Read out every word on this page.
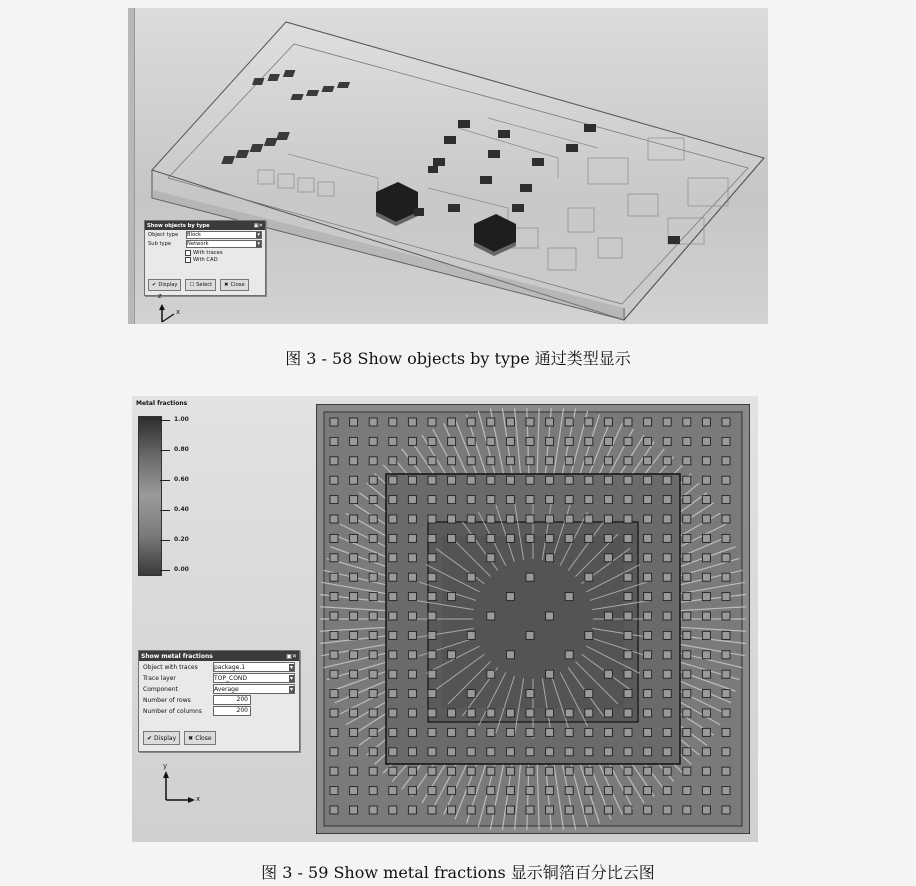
Show objects by type	▣✕
Object type	Block	▾
Sub type	Network	▾
With traces
With CAD
✔ Display ☐ Select ✖ Close
z
x
图 3 - 58 Show objects by type 通过类型显示
Metal fractions
1.00
0.80
0.60
0.40
0.20
0.00
Show metal fractions	▣✕
Object with traces	package.1	▾
Trace layer	TOP_COND	▾
Component	Average	▾
Number of rows	200
Number of columns	200
✔ Display ✖ Close
y
x
图 3 - 59 Show metal fractions 显示铜箔百分比云图
